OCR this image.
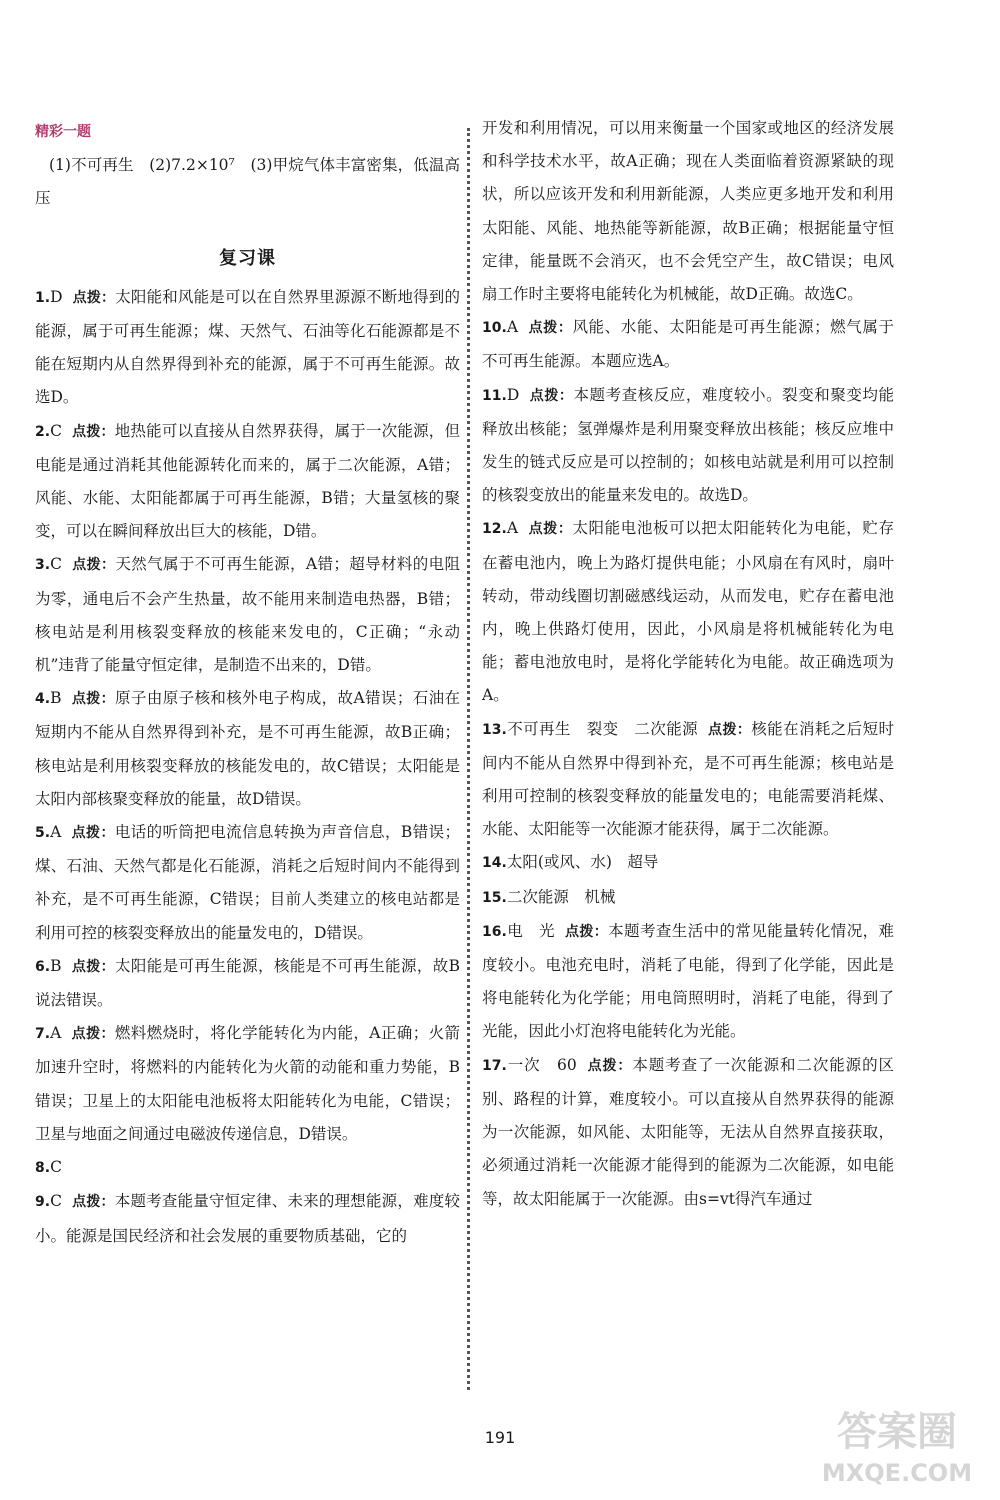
精彩一题
(1)不可再生　(2)7.2×10⁷　(3)甲烷气体丰富密集，低温高压
复习课
1.D 点拨：太阳能和风能是可以在自然界里源源不断地得到的能源，属于可再生能源；煤、天然气、石油等化石能源都是不能在短期内从自然界得到补充的能源，属于不可再生能源。故选D。
2.C 点拨：地热能可以直接从自然界获得，属于一次能源，但电能是通过消耗其他能源转化而来的，属于二次能源，A错；风能、水能、太阳能都属于可再生能源，B错；大量氢核的聚变，可以在瞬间释放出巨大的核能，D错。
3.C 点拨：天然气属于不可再生能源，A错；超导材料的电阻为零，通电后不会产生热量，故不能用来制造电热器，B错；核电站是利用核裂变释放的核能来发电的，C正确；“永动机”违背了能量守恒定律，是制造不出来的，D错。
4.B 点拨：原子由原子核和核外电子构成，故A错误；石油在短期内不能从自然界得到补充，是不可再生能源，故B正确；核电站是利用核裂变释放的核能发电的，故C错误；太阳能是太阳内部核聚变释放的能量，故D错误。
5.A 点拨：电话的听筒把电流信息转换为声音信息，B错误；煤、石油、天然气都是化石能源，消耗之后短时间内不能得到补充，是不可再生能源，C错误；目前人类建立的核电站都是利用可控的核裂变释放出的能量发电的，D错误。
6.B 点拨：太阳能是可再生能源，核能是不可再生能源，故B说法错误。
7.A 点拨：燃料燃烧时，将化学能转化为内能，A正确；火箭加速升空时，将燃料的内能转化为火箭的动能和重力势能，B错误；卫星上的太阳能电池板将太阳能转化为电能，C错误；卫星与地面之间通过电磁波传递信息，D错误。
8.C
9.C 点拨：本题考查能量守恒定律、未来的理想能源，难度较小。能源是国民经济和社会发展的重要物质基础，它的
开发和利用情况，可以用来衡量一个国家或地区的经济发展和科学技术水平，故A正确；现在人类面临着资源紧缺的现状，所以应该开发和利用新能源，人类应更多地开发和利用太阳能、风能、地热能等新能源，故B正确；根据能量守恒定律，能量既不会消灭，也不会凭空产生，故C错误；电风扇工作时主要将电能转化为机械能，故D正确。故选C。
10.A 点拨：风能、水能、太阳能是可再生能源；燃气属于不可再生能源。本题应选A。
11.D 点拨：本题考查核反应，难度较小。裂变和聚变均能释放出核能；氢弹爆炸是利用聚变释放出核能；核反应堆中发生的链式反应是可以控制的；如核电站就是利用可以控制的核裂变放出的能量来发电的。故选D。
12.A 点拨：太阳能电池板可以把太阳能转化为电能，贮存在蓄电池内，晚上为路灯提供电能；小风扇在有风时，扇叶转动，带动线圈切割磁感线运动，从而发电，贮存在蓄电池内，晚上供路灯使用，因此，小风扇是将机械能转化为电能；蓄电池放电时，是将化学能转化为电能。故正确选项为A。
13.不可再生　裂变　二次能源 点拨：核能在消耗之后短时间内不能从自然界中得到补充，是不可再生能源；核电站是利用可控制的核裂变释放的能量发电的；电能需要消耗煤、水能、太阳能等一次能源才能获得，属于二次能源。
14.太阳(或风、水)　超导
15.二次能源　机械
16.电　光 点拨：本题考查生活中的常见能量转化情况，难度较小。电池充电时，消耗了电能，得到了化学能，因此是将电能转化为化学能；用电筒照明时，消耗了电能，得到了光能，因此小灯泡将电能转化为光能。
17.一次　60 点拨：本题考查了一次能源和二次能源的区别、路程的计算，难度较小。可以直接从自然界获得的能源为一次能源，如风能、太阳能等，无法从自然界直接获取，必须通过消耗一次能源才能得到的能源为二次能源，如电能等，故太阳能属于一次能源。由s=vt得汽车通过
191	答案圈
MXQE.COM
